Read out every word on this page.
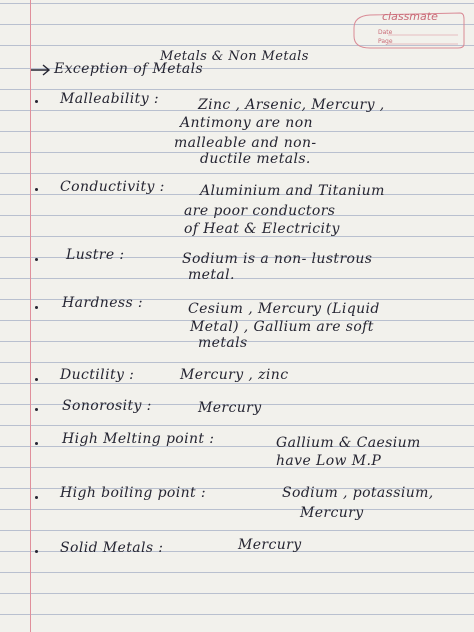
classmate
Date
Page
Metals & Non Metals
Exception of Metals
Malleability :	Zinc , Arsenic, Mercury ,
Antimony are non
malleable and non-
ductile metals.
Conductivity :	Aluminium and Titanium
are poor conductors
of Heat & Electricity
Lustre :	Sodium is a non- lustrous
metal.
Hardness :	Cesium , Mercury (Liquid
Metal) , Gallium are soft
metals
Ductility :	Mercury , zinc
Sonorosity :	Mercury
High Melting point :	Gallium & Caesium
have Low M.P
High boiling point :	Sodium , potassium,
Mercury
Solid Metals :	Mercury
